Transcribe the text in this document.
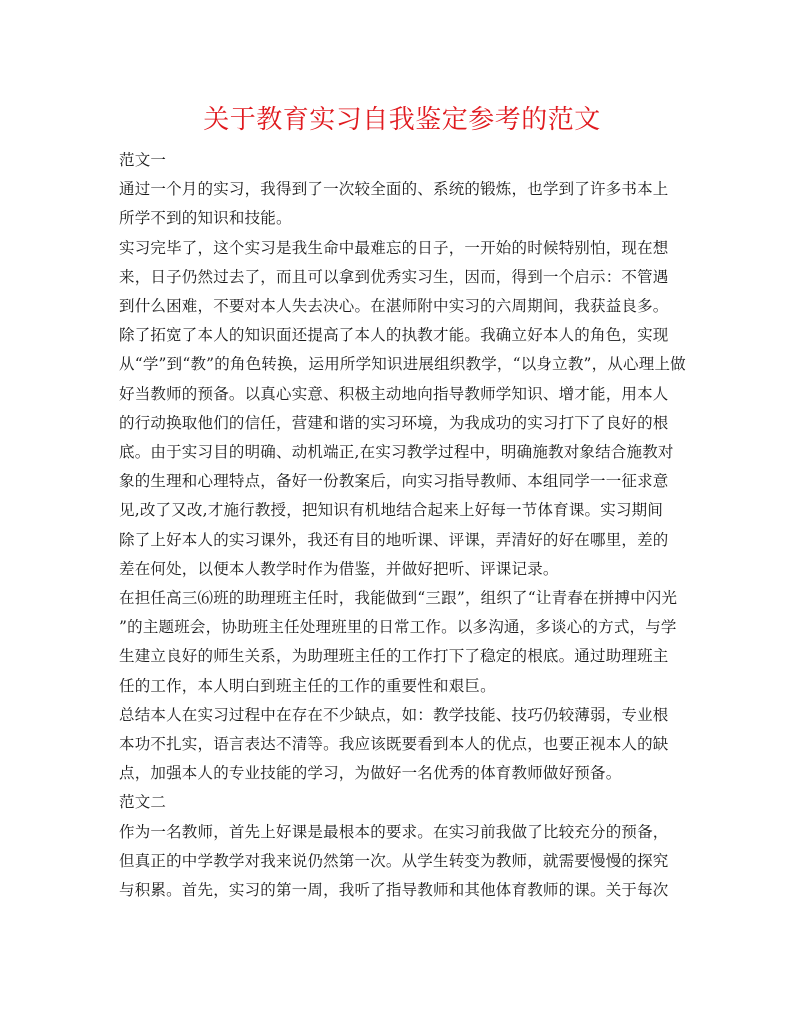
关于教育实习自我鉴定参考的范文
范文一
通过一个月的实习，我得到了一次较全面的、系统的锻炼，也学到了许多书本上
所学不到的知识和技能。
实习完毕了，这个实习是我生命中最难忘的日子，一开始的时候特别怕，现在想
来，日子仍然过去了，而且可以拿到优秀实习生，因而，得到一个启示：不管遇
到什么困难，不要对本人失去决心。在湛师附中实习的六周期间，我获益良多。
除了拓宽了本人的知识面还提高了本人的执教才能。我确立好本人的角色，实现
从“学”到“教”的角色转换，运用所学知识进展组织教学，“以身立教”，从心理上做
好当教师的预备。以真心实意、积极主动地向指导教师学知识、增才能，用本人
的行动换取他们的信任，营建和谐的实习环境，为我成功的实习打下了良好的根
底。由于实习目的明确、动机端正,在实习教学过程中，明确施教对象结合施教对
象的生理和心理特点，备好一份教案后，向实习指导教师、本组同学一一征求意
见,改了又改,才施行教授，把知识有机地结合起来上好每一节体育课。实习期间
除了上好本人的实习课外，我还有目的地听课、评课，弄清好的好在哪里，差的
差在何处，以便本人教学时作为借鉴，并做好把听、评课记录。
在担任高三⑹班的助理班主任时，我能做到“三跟”，组织了“让青春在拼搏中闪光
”的主题班会，协助班主任处理班里的日常工作。以多沟通，多谈心的方式，与学
生建立良好的师生关系，为助理班主任的工作打下了稳定的根底。通过助理班主
任的工作，本人明白到班主任的工作的重要性和艰巨。
总结本人在实习过程中在存在不少缺点，如：教学技能、技巧仍较薄弱，专业根
本功不扎实，语言表达不清等。我应该既要看到本人的优点，也要正视本人的缺
点，加强本人的专业技能的学习，为做好一名优秀的体育教师做好预备。
范文二
作为一名教师，首先上好课是最根本的要求。在实习前我做了比较充分的预备，
但真正的中学教学对我来说仍然第一次。从学生转变为教师，就需要慢慢的探究
与积累。首先，实习的第一周，我听了指导教师和其他体育教师的课。关于每次
